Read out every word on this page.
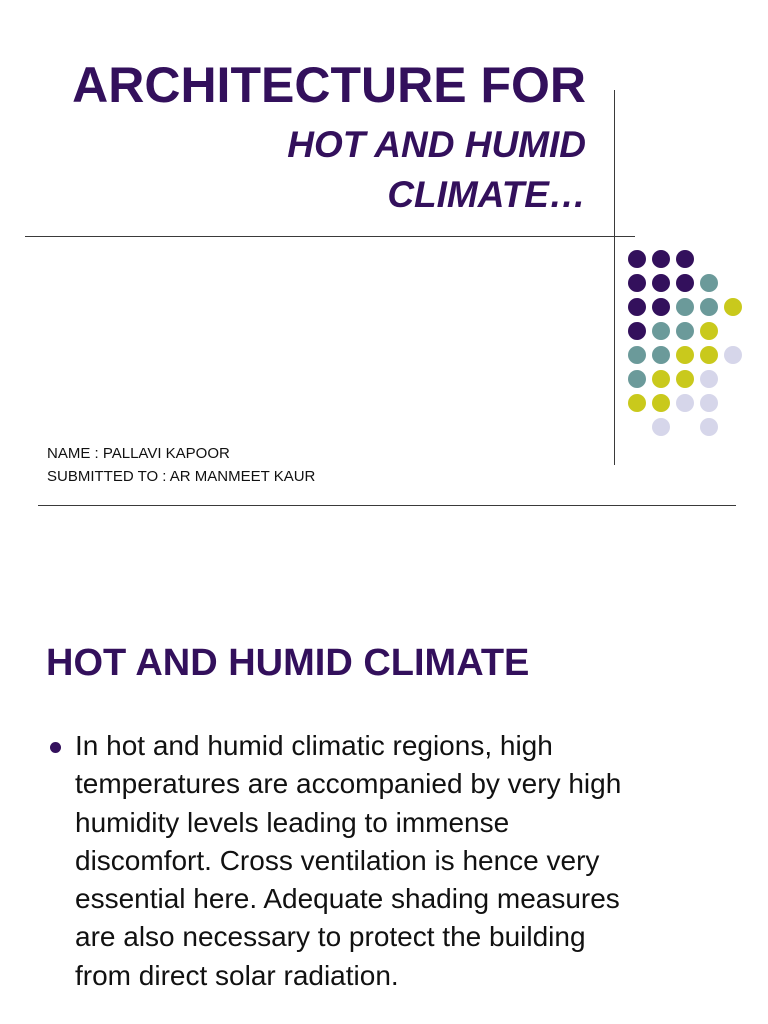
ARCHITECTURE FOR
HOT AND HUMID
CLIMATE…
NAME : PALLAVI KAPOOR
SUBMITTED TO : AR MANMEET KAUR
HOT AND HUMID CLIMATE
In hot and humid climatic regions, high
temperatures are accompanied by very high
humidity levels leading to immense
discomfort. Cross ventilation is hence very
essential here. Adequate shading measures
are also necessary to protect the building
from direct solar radiation.
